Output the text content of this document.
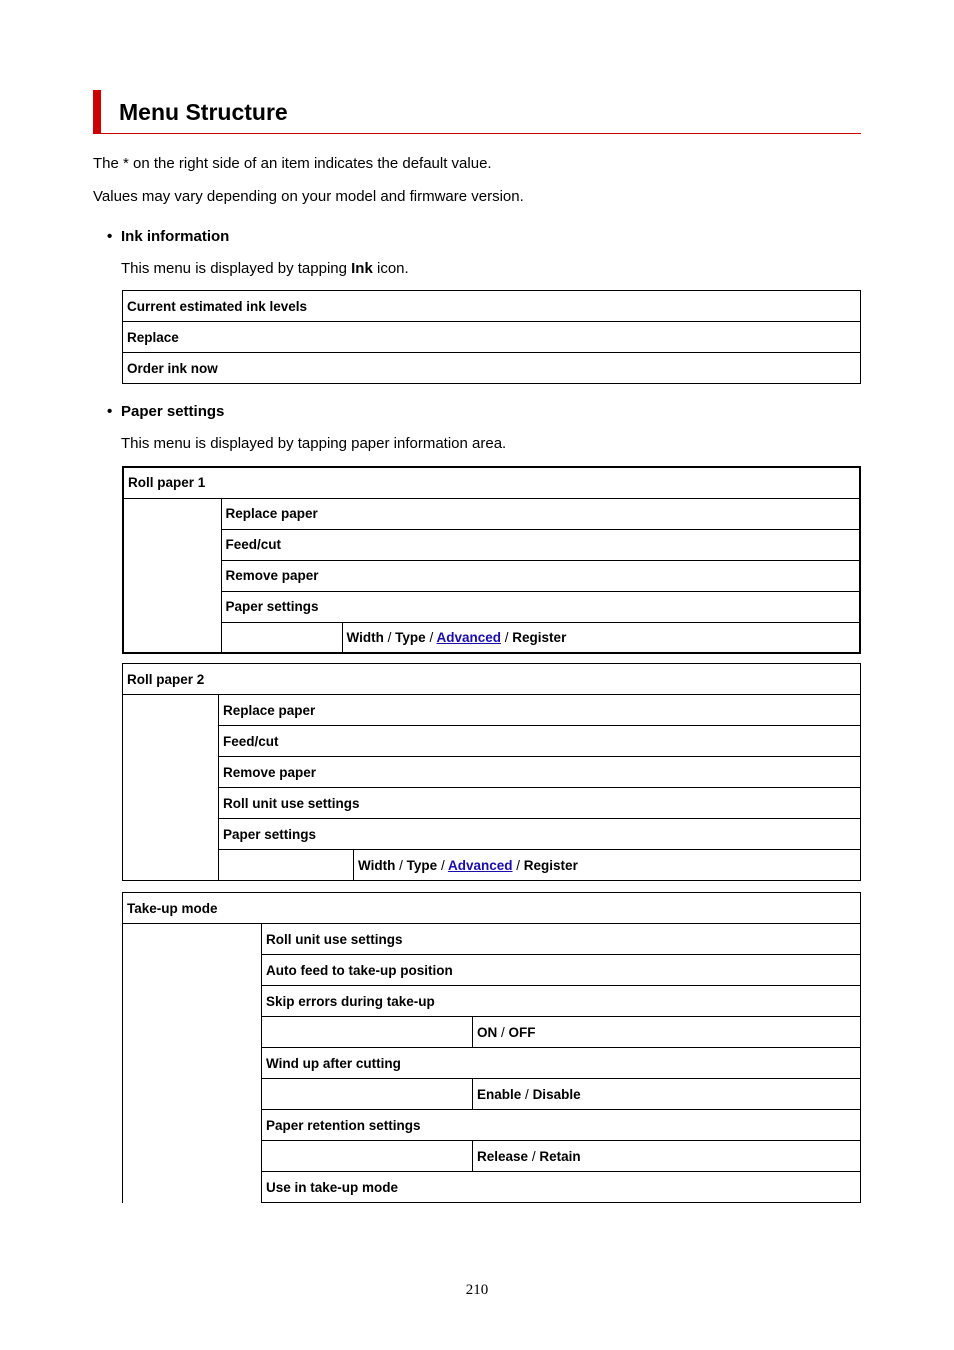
Menu Structure
The * on the right side of an item indicates the default value.
Values may vary depending on your model and firmware version.
• Ink information
This menu is displayed by tapping Ink icon.
Current estimated ink levels
Replace
Order ink now
• Paper settings
This menu is displayed by tapping paper information area.
Roll paper 1		
	Replace paper	
	Feed/cut	
	Remove paper	
	Paper settings	
		Width / Type / Advanced / Register
Roll paper 2		
	Replace paper	
	Feed/cut	
	Remove paper	
	Roll unit use settings	
	Paper settings	
		Width / Type / Advanced / Register
Take-up mode		
	Roll unit use settings	
	Auto feed to take-up position	
	Skip errors during take-up	
		ON / OFF
	Wind up after cutting	
		Enable / Disable
	Paper retention settings	
		Release / Retain
	Use in take-up mode	
210
